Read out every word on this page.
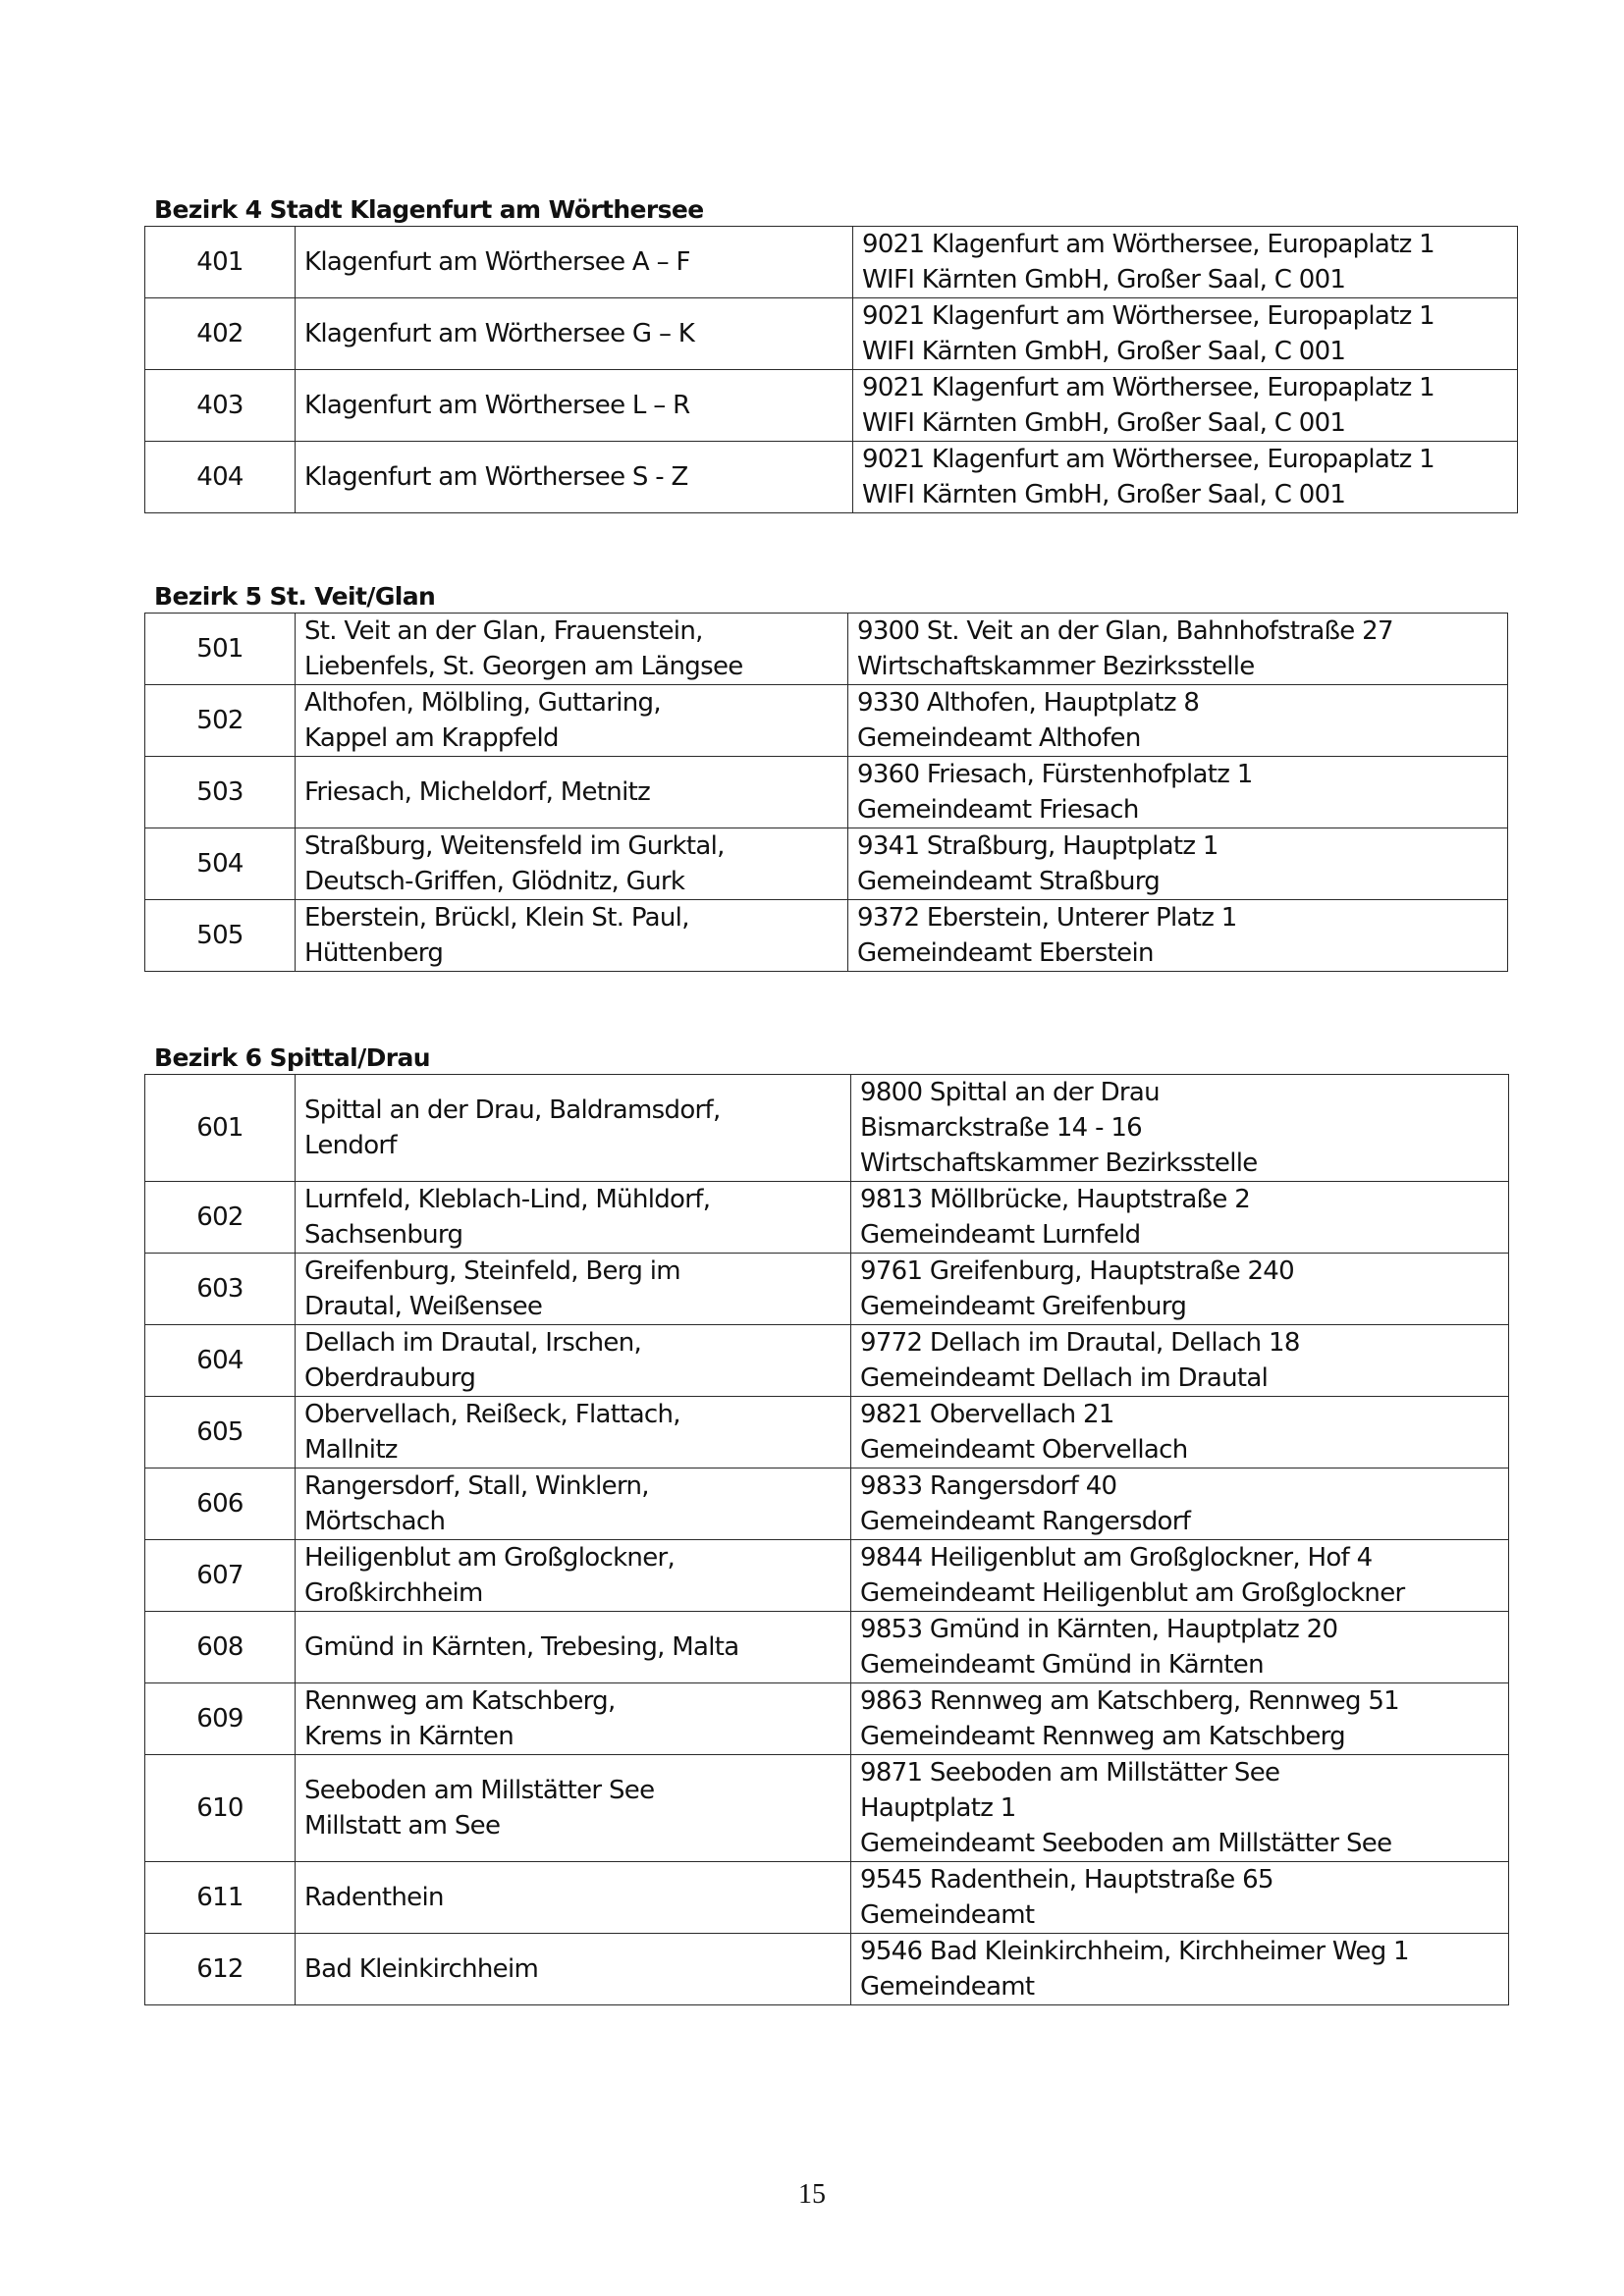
Bezirk 4 Stadt Klagenfurt am Wörthersee
401	Klagenfurt am Wörthersee A – F	9021 Klagenfurt am Wörthersee, Europaplatz 1
WIFI Kärnten GmbH, Großer Saal, C 001

402	Klagenfurt am Wörthersee G – K	9021 Klagenfurt am Wörthersee, Europaplatz 1
WIFI Kärnten GmbH, Großer Saal, C 001

403	Klagenfurt am Wörthersee L – R	9021 Klagenfurt am Wörthersee, Europaplatz 1
WIFI Kärnten GmbH, Großer Saal, C 001

404	Klagenfurt am Wörthersee S - Z	9021 Klagenfurt am Wörthersee, Europaplatz 1
WIFI Kärnten GmbH, Großer Saal, C 001
Bezirk 5 St. Veit/Glan
501	St. Veit an der Glan, Frauenstein,
Liebenfels, St. Georgen am Längsee	9300 St. Veit an der Glan, Bahnhofstraße 27
Wirtschaftskammer Bezirksstelle

502	Althofen, Mölbling, Guttaring,
Kappel am Krappfeld	9330 Althofen, Hauptplatz 8
Gemeindeamt Althofen

503	Friesach, Micheldorf, Metnitz	9360 Friesach, Fürstenhofplatz 1
Gemeindeamt Friesach

504	Straßburg, Weitensfeld im Gurktal,
Deutsch-Griffen, Glödnitz, Gurk	9341 Straßburg, Hauptplatz 1
Gemeindeamt Straßburg

505	Eberstein, Brückl, Klein St. Paul,
Hüttenberg	9372 Eberstein, Unterer Platz 1
Gemeindeamt Eberstein
Bezirk 6 Spittal/Drau
601	Spittal an der Drau, Baldramsdorf,
Lendorf	9800 Spittal an der Drau
Bismarckstraße 14 - 16
Wirtschaftskammer Bezirksstelle

602	Lurnfeld, Kleblach-Lind, Mühldorf,
Sachsenburg	9813 Möllbrücke, Hauptstraße 2
Gemeindeamt Lurnfeld

603	Greifenburg, Steinfeld, Berg im
Drautal, Weißensee	9761 Greifenburg, Hauptstraße 240
Gemeindeamt Greifenburg

604	Dellach im Drautal, Irschen,
Oberdrauburg	9772 Dellach im Drautal, Dellach 18
Gemeindeamt Dellach im Drautal

605	Obervellach, Reißeck, Flattach,
Mallnitz	9821 Obervellach 21
Gemeindeamt Obervellach

606	Rangersdorf, Stall, Winklern,
Mörtschach	9833 Rangersdorf 40
Gemeindeamt Rangersdorf

607	Heiligenblut am Großglockner,
Großkirchheim	9844 Heiligenblut am Großglockner, Hof 4
Gemeindeamt Heiligenblut am Großglockner

608	Gmünd in Kärnten, Trebesing, Malta	9853 Gmünd in Kärnten, Hauptplatz 20
Gemeindeamt Gmünd in Kärnten

609	Rennweg am Katschberg,
Krems in Kärnten	9863 Rennweg am Katschberg, Rennweg 51
Gemeindeamt Rennweg am Katschberg

610	Seeboden am Millstätter See
Millstatt am See	9871 Seeboden am Millstätter See
Hauptplatz 1
Gemeindeamt Seeboden am Millstätter See

611	Radenthein	9545 Radenthein, Hauptstraße 65
Gemeindeamt

612	Bad Kleinkirchheim	9546 Bad Kleinkirchheim, Kirchheimer Weg 1
Gemeindeamt
15
